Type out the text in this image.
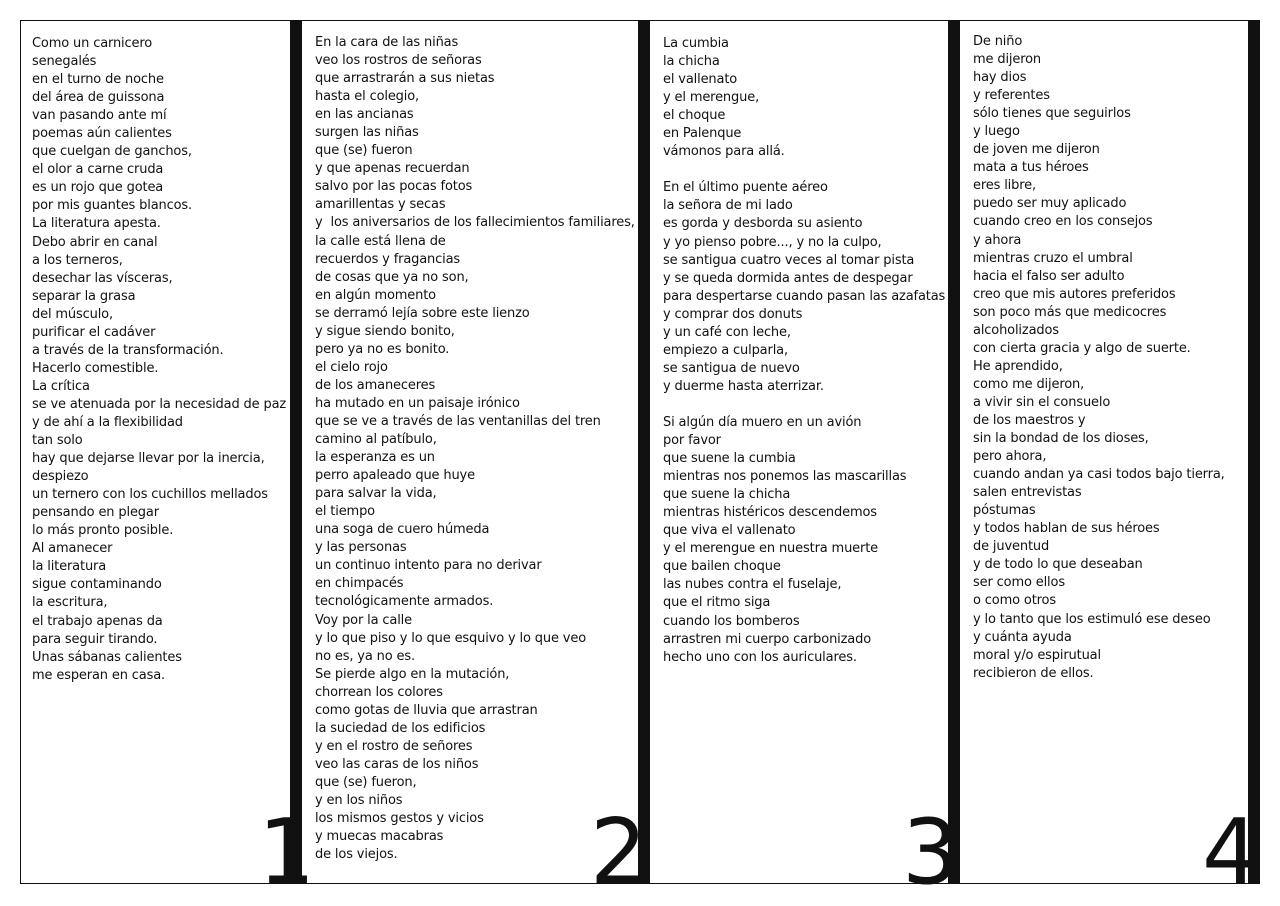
Como un carnicero
senegalés
en el turno de noche
del área de guissona
van pasando ante mí
poemas aún calientes
que cuelgan de ganchos,
el olor a carne cruda
es un rojo que gotea
por mis guantes blancos.
La literatura apesta.
Debo abrir en canal
a los terneros,
desechar las vísceras,
separar la grasa
del músculo,
purificar el cadáver
a través de la transformación.
Hacerlo comestible.
La crítica
se ve atenuada por la necesidad de paz
y de ahí a la flexibilidad
tan solo
hay que dejarse llevar por la inercia,
despiezo
un ternero con los cuchillos mellados
pensando en plegar
lo más pronto posible.
Al amanecer
la literatura
sigue contaminando
la escritura,
el trabajo apenas da
para seguir tirando.
Unas sábanas calientes
me esperan en casa.
En la cara de las niñas
veo los rostros de señoras
que arrastrarán a sus nietas
hasta el colegio,
en las ancianas
surgen las niñas
que (se) fueron
y que apenas recuerdan
salvo por las pocas fotos
amarillentas y secas
y  los aniversarios de los fallecimientos familiares,
la calle está llena de
recuerdos y fragancias
de cosas que ya no son,
en algún momento
se derramó lejía sobre este lienzo
y sigue siendo bonito,
pero ya no es bonito.
el cielo rojo
de los amaneceres
ha mutado en un paisaje irónico
que se ve a través de las ventanillas del tren
camino al patíbulo,
la esperanza es un
perro apaleado que huye
para salvar la vida,
el tiempo
una soga de cuero húmeda
y las personas
un continuo intento para no derivar
en chimpacés
tecnológicamente armados.
Voy por la calle
y lo que piso y lo que esquivo y lo que veo
no es, ya no es.
Se pierde algo en la mutación,
chorrean los colores
como gotas de lluvia que arrastran
la suciedad de los edificios
y en el rostro de señores
veo las caras de los niños
que (se) fueron,
y en los niños
los mismos gestos y vicios
y muecas macabras
de los viejos.
La cumbia
la chicha
el vallenato
y el merengue,
el choque
en Palenque
vámonos para allá.
En el último puente aéreo
la señora de mi lado
es gorda y desborda su asiento
y yo pienso pobre..., y no la culpo,
se santigua cuatro veces al tomar pista
y se queda dormida antes de despegar
para despertarse cuando pasan las azafatas
y comprar dos donuts
y un café con leche,
empiezo a culparla,
se santigua de nuevo
y duerme hasta aterrizar.
Si algún día muero en un avión
por favor
que suene la cumbia
mientras nos ponemos las mascarillas
que suene la chicha
mientras histéricos descendemos
que viva el vallenato
y el merengue en nuestra muerte
que bailen choque
las nubes contra el fuselaje,
que el ritmo siga
cuando los bomberos
arrastren mi cuerpo carbonizado
hecho uno con los auriculares.
De niño
me dijeron
hay dios
y referentes
sólo tienes que seguirlos
y luego
de joven me dijeron
mata a tus héroes
eres libre,
puedo ser muy aplicado
cuando creo en los consejos
y ahora
mientras cruzo el umbral
hacia el falso ser adulto
creo que mis autores preferidos
son poco más que medicocres
alcoholizados
con cierta gracia y algo de suerte.
He aprendido,
como me dijeron,
a vivir sin el consuelo
de los maestros y
sin la bondad de los dioses,
pero ahora,
cuando andan ya casi todos bajo tierra,
salen entrevistas
póstumas
y todos hablan de sus héroes
de juventud
y de todo lo que deseaban
ser como ellos
o como otros
y lo tanto que los estimuló ese deseo
y cuánta ayuda
moral y/o espirutual
recibieron de ellos.
1	2	3	4
